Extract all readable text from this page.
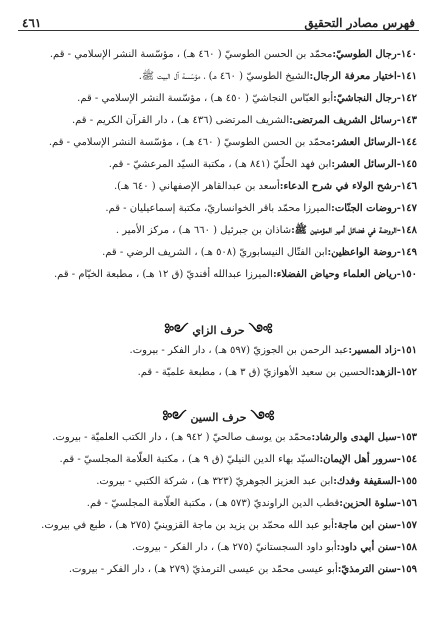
فهرس مصادر التحقيق
٤٦١
١٤٠
-
رجال الطوسيّ:
محمّد بن الحسن الطوسيّ ( ٤٦٠ هـ) ، مؤسّسة النشر الإسلامي - قم.
١٤١
-
اختيار معرفة الرجال:
الشيخ الطوسيّ ( ٤٦٠ هـ) ، مؤسّسة آل البيت ﷺ.
١٤٢
-
رجال النجاشيّ:
أبو العبّاس النجاشيّ ( ٤٥٠ هـ) ، مؤسّسة النشر الإسلامي - قم.
١٤٣
-
رسائل الشريف المرتضى:
الشريف المرتضى (٤٣٦ هـ) ، دار القرآن الكريم - قم.
١٤٤
-
الرسائل العشر:
محمّد بن الحسن الطوسيّ ( ٤٦٠ هـ) ، مؤسّسة النشر الإسلامي - قم.
١٤٥
-
الرسائل العشر:
ابن فهد الحلّيّ (٨٤١ هـ) ، مكتبة السيّد المرعشيّ - قم.
١٤٦
-
رشح الولاء في شرح الدعاء:
أسعد بن عبدالقاهر الإصفهاني ( ٦٤٠ هـ).
١٤٧
-
روضات الجنّات:
الميرزا محمّد باقر الخوانساريّ، مكتبة إسماعيليان - قم.
١٤٨
-
الروضة في فضائل أمير المؤمنين ﷺ:
شاذان بن جبرئيل ( ٦٦٠ هـ) ، مركز الأمير .
١٤٩
-
روضة الواعظين:
ابن الفتّال النيسابوريّ (٥٠٨ هـ) ، الشريف الرضي - قم.
١٥٠
-
رياض العلماء وحياض الفضلاء:
الميرزا عبدالله أفنديّ (ق ١٢ هـ) ، مطبعة الخيّام - قم.
༻
حرف الزاي
༺
١٥١
-
زاد المسير:
عبد الرحمن بن الجوزيّ (٥٩٧ هـ) ، دار الفكر - بيروت.
١٥٢
-
الزهد:
الحسين بن سعيد الأهوازيّ (ق ٣ هـ) ، مطبعة علميّة - قم.
༻
حرف السين
༺
١٥٣
-
سبل الهدى والرشاد:
محمّد بن يوسف صالحيّ ( ٩٤٢ هـ) ، دار الكتب العلميّة - بيروت.
١٥٤
-
سرور أهل الإيمان:
السيّد بهاء الدين النيليّ (ق ٩ هـ) ، مكتبة العلّامة المجلسيّ - قم.
١٥٥
-
السقيفة وفدك:
ابن عبد العزيز الجوهريّ (٣٢٣ هـ) ، شركة الكتبي - بيروت.
١٥٦
-
سلوة الحزين:
قطب الدين الراونديّ (٥٧٣ هـ) ، مكتبة العلّامة المجلسيّ - قم.
١٥٧
-
سنن ابن ماجة:
أبو عبد الله محمّد بن يزيد بن ماجة القزوينيّ (٢٧٥ هـ) ، طبع في بيروت.
١٥٨
-
سنن أبي داود:
أبو داود السجستانيّ (٢٧٥ هـ) ، دار الفكر - بيروت.
١٥٩
-
سنن الترمذيّ:
أبو عيسى محمّد بن عيسى الترمذيّ (٢٧٩ هـ) ، دار الفكر - بيروت.
